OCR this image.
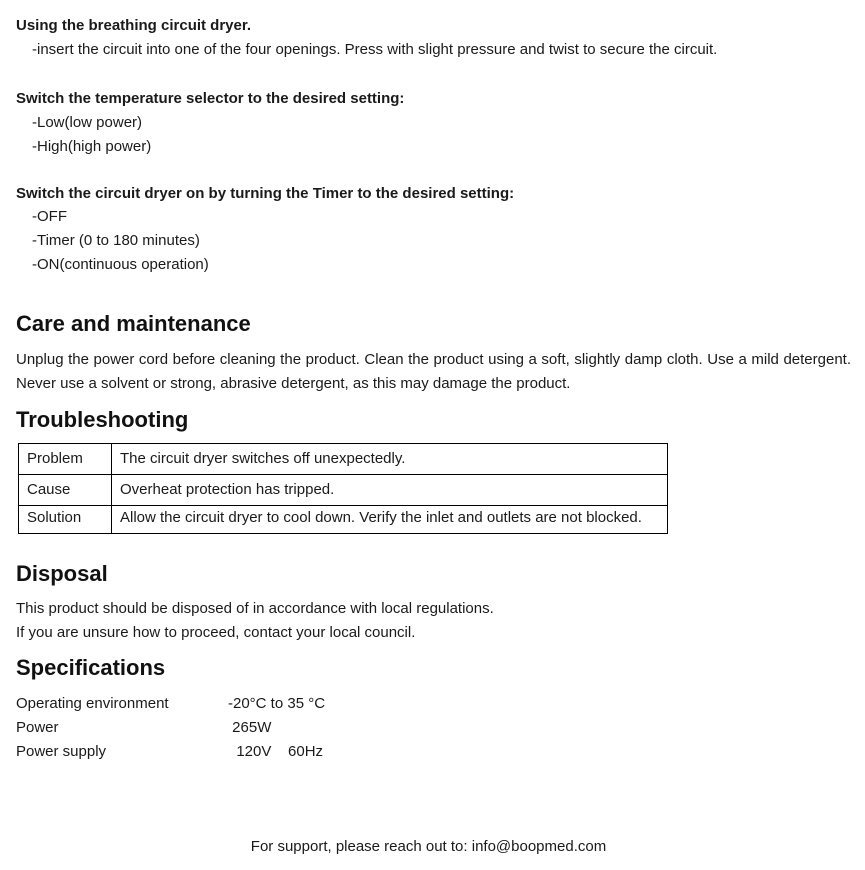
Using the breathing circuit dryer.
-insert the circuit into one of the four openings. Press with slight pressure and twist to secure the circuit.
Switch the temperature selector to the desired setting:
-Low(low power)
-High(high power)
Switch the circuit dryer on by turning the Timer to the desired setting:
-OFF
-Timer (0 to 180 minutes)
-ON(continuous operation)
Care and maintenance
Unplug the power cord before cleaning the product. Clean the product using a soft, slightly damp cloth. Use a mild detergent. Never use a solvent or strong, abrasive detergent, as this may damage the product.
Troubleshooting
Problem	The circuit dryer switches off unexpectedly.
Cause	Overheat protection has tripped.
Solution	Allow the circuit dryer to cool down. Verify the inlet and outlets are not blocked.
Disposal
This product should be disposed of in accordance with local regulations.
If you are unsure how to proceed, contact your local council.
Specifications
Operating environment	-20°C to 35 °C
Power	265W
Power supply	120V    60Hz
For support, please reach out to: info@boopmed.com
